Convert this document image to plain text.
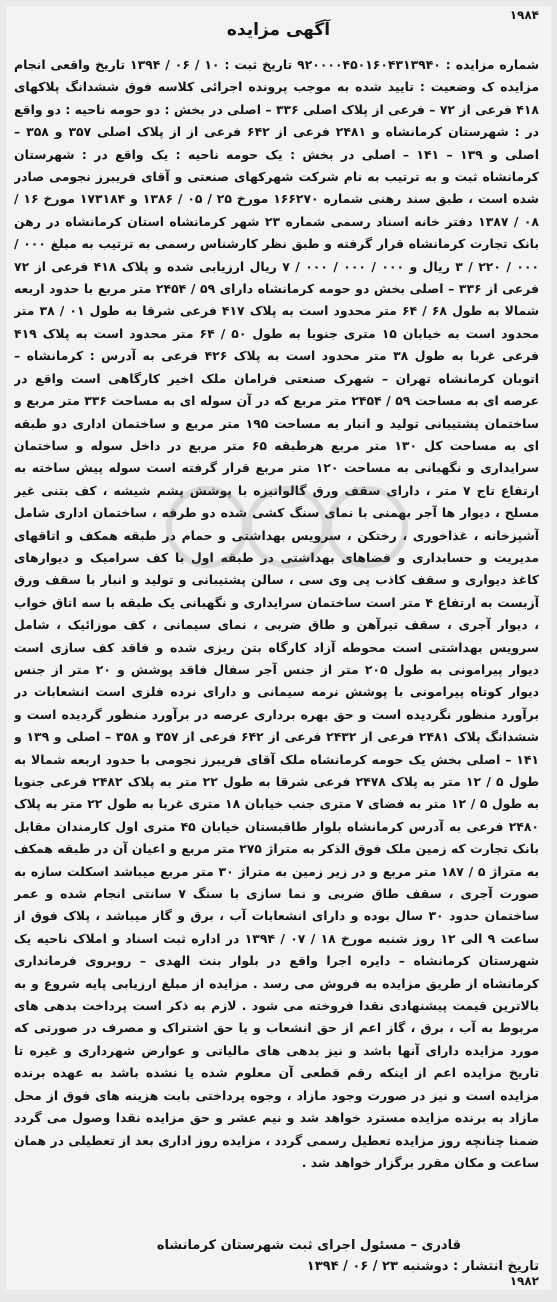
۱۹۸۴
آگهی مزایده

شماره مزایده : ۹۲۰۰۰۰۴۵۰۱۶۰۴۳۱۳۹۴۰ تاریخ ثبت : ۱۰ / ۰۶ / ۱۳۹۴ تاریخ واقعی انجام مزایده ک وضعیت : تایید شده به موجب پرونده اجرائی کلاسه فوق ششدانگ پلاکهای ۴۱۸ فرعی از ۷۲ – فرعی از پلاک اصلی ۳۳۶ – اصلی در بخش : دو حومه ناحیه : دو واقع در : شهرستان کرمانشاه و ۲۴۸۱ فرعی از ۶۴۲ فرعی از از پلاک اصلی ۳۵۷ و ۳۵۸ – اصلی و ۱۳۹ – ۱۴۱ – اصلی در بخش : یک حومه ناحیه : یک واقع در : شهرستان کرمانشاه ثبت و به ترتیب به نام شرکت شهرکهای صنعتی و آقای فریبرز نجومی صادر شده است ، طبق سند رهنی شماره ۱۶۶۲۷۰ مورخ ۲۵ / ۰۵ / ۱۳۸۶ و ۱۷۳۱۸۴ مورخ ۱۶ / ۰۸ / ۱۳۸۷ دفتر خانه اسناد رسمی شماره ۲۳ شهر کرمانشاه استان کرمانشاه در رهن بانک تجارت کرمانشاه قرار گرفته و طبق نظر کارشناس رسمی به ترتیب به مبلغ ۰۰۰ / ۰۰۰ / ۲۲۰ / ۳ ریال و ۰۰۰ / ۰۰۰ / ۰۰۰ / ۷ ریال ارزیابی شده و پلاک ۴۱۸ فرعی از ۷۲ فرعی از ۳۳۶ – اصلی بخش دو حومه کرمانشاه دارای ۵۹ / ۲۴۵۴ متر مربع با حدود اربعه شمالا به طول ۶۸ / ۶۴ متر محدود است به پلاک ۴۱۷ فرعی شرقا به طول ۰۱ / ۳۸ متر محدود است به خیابان ۱۵ متری جنوبا به طول ۵۰ / ۶۴ متر محدود است به پلاک ۴۱۹ فرعی غربا به طول ۳۸ متر محدود است به پلاک ۴۲۶ فرعی به آدرس : کرمانشاه – اتوبان کرمانشاه تهران – شهرک صنعتی فرامان ملک اخیر کارگاهی است واقع در عرصه ای به مساحت ۵۹ / ۲۴۵۴ متر مربع که در آن سوله ای به مساحت ۳۳۶ متر مربع و ساختمان پشتیبانی تولید و انبار به مساحت ۱۹۵ متر مربع و ساختمان اداری دو طبقه ای به مساحت کل ۱۳۰ متر مربع هرطبقه ۶۵ متر مربع در داخل سوله و ساختمان سرایداری و نگهبانی به مساحت ۱۲۰ متر مربع قرار گرفته است سوله پیش ساخته به ارتفاع تاج ۷ متر ، دارای سقف ورق گالوانیزه با پوشش پشم شیشه ، کف بتنی غیر مسلح ، دیوار ها آجر بهمنی با نمای سنگ کشی شده دو طرفه ، ساختمان اداری شامل آشپزخانه ، غذاخوری ، رختکن ، سرویس بهداشتی و حمام در طبقه همکف و اتاقهای مدیریت و حسابداری و فضاهای بهداشتی در طبقه اول با کف سرامیک و دیوارهای کاغذ دیواری و سقف کاذب پی وی سی ، سالن پشتیبانی و تولید و انبار با سقف ورق آزبست به ارتفاع ۴ متر است ساختمان سرایداری و نگهبانی یک طبقه با سه اتاق خواب ، دیوار آجری ، سقف تیرآهن و طاق ضربی ، نمای سیمانی ، کف موزائیک ، شامل سرویس بهداشتی است محوطه آزاد کارگاه بتن ریزی شده و فاقد کف سازی است دیوار پیرامونی به طول ۲۰۵ متر از جنس آجر سفال فاقد پوشش و ۲۰ متر از جنس دیوار کوتاه پیرامونی با پوشش نرمه سیمانی و دارای نرده فلزی است انشعابات در برآورد منظور نگردیده است و حق بهره برداری عرصه در برآورد منظور گردیده است و ششدانگ پلاک ۲۴۸۱ فرعی از ۲۴۳۲ فرعی از ۶۴۲ فرعی از ۳۵۷ و ۳۵۸ – اصلی و ۱۳۹ و ۱۴۱ – اصلی بخش یک حومه کرمانشاه ملک آقای فریبرز نجومی با حدود اربعه شمالا به طول ۵ / ۱۲ متر به پلاک ۲۴۷۸ فرعی شرقا به طول ۲۲ متر به پلاک ۲۴۸۲ فرعی جنوبا به طول ۵ / ۱۲ متر به فضای ۷ متری جنب خیابان ۱۸ متری غربا به طول ۲۲ متر به پلاک ۲۴۸۰ فرعی به آدرس کرمانشاه بلوار طاقبستان خیابان ۴۵ متری اول کارمندان مقابل بانک تجارت که زمین ملک فوق الذکر به متراژ ۲۷۵ متر مربع و اعیان آن در طبقه همکف به متراژ ۵ / ۱۸۷ متر مربع و در زیر زمین به متراژ ۳۰ متر مربع میباشد اسکلت سازه به صورت آجری ، سقف طاق ضربی و نما سازی با سنگ ۷ سانتی انجام شده و عمر ساختمان حدود ۳۰ سال بوده و دارای انشعابات آب ، برق و گاز میباشد ، پلاک فوق از ساعت ۹ الی ۱۲ روز شنبه مورخ ۱۸ / ۰۷ / ۱۳۹۴ در اداره ثبت اسناد و املاک ناحیه یک شهرستان کرمانشاه – دایره اجرا واقع در بلوار بنت الهدی – روبروی فرمانداری کرمانشاه از طریق مزایده به فروش می رسد . مزایده از مبلغ ارزیابی پایه شروع و به بالاترین قیمت پیشنهادی نقدا فروخته می شود . لازم به ذکر است پرداخت بدهی های مربوط به آب ، برق ، گاز اعم از حق انشعاب و یا حق اشتراک و مصرف در صورتی که مورد مزایده دارای آنها باشد و نیز بدهی های مالیاتی و عوارض شهرداری و غیره تا تاریخ مزایده اعم از اینکه رقم قطعی آن معلوم شده یا نشده باشد به عهده برنده مزایده است و نیز در صورت وجود مازاد ، وجوه پرداختی بابت هزینه های فوق از محل مازاد به برنده مزایده مسترد خواهد شد و نیم عشر و حق مزایده نقدا وصول می گردد ضمنا چنانچه روز مزایده تعطیل رسمی گردد ، مزایده روز اداری بعد از تعطیلی در همان ساعت و مکان مقرر برگزار خواهد شد .

قادری – مسئول اجرای ثبت شهرستان کرمانشاه
تاریخ انتشار : دوشنبه ۲۳ / ۰۶ / ۱۳۹۴
۱۹۸۲
